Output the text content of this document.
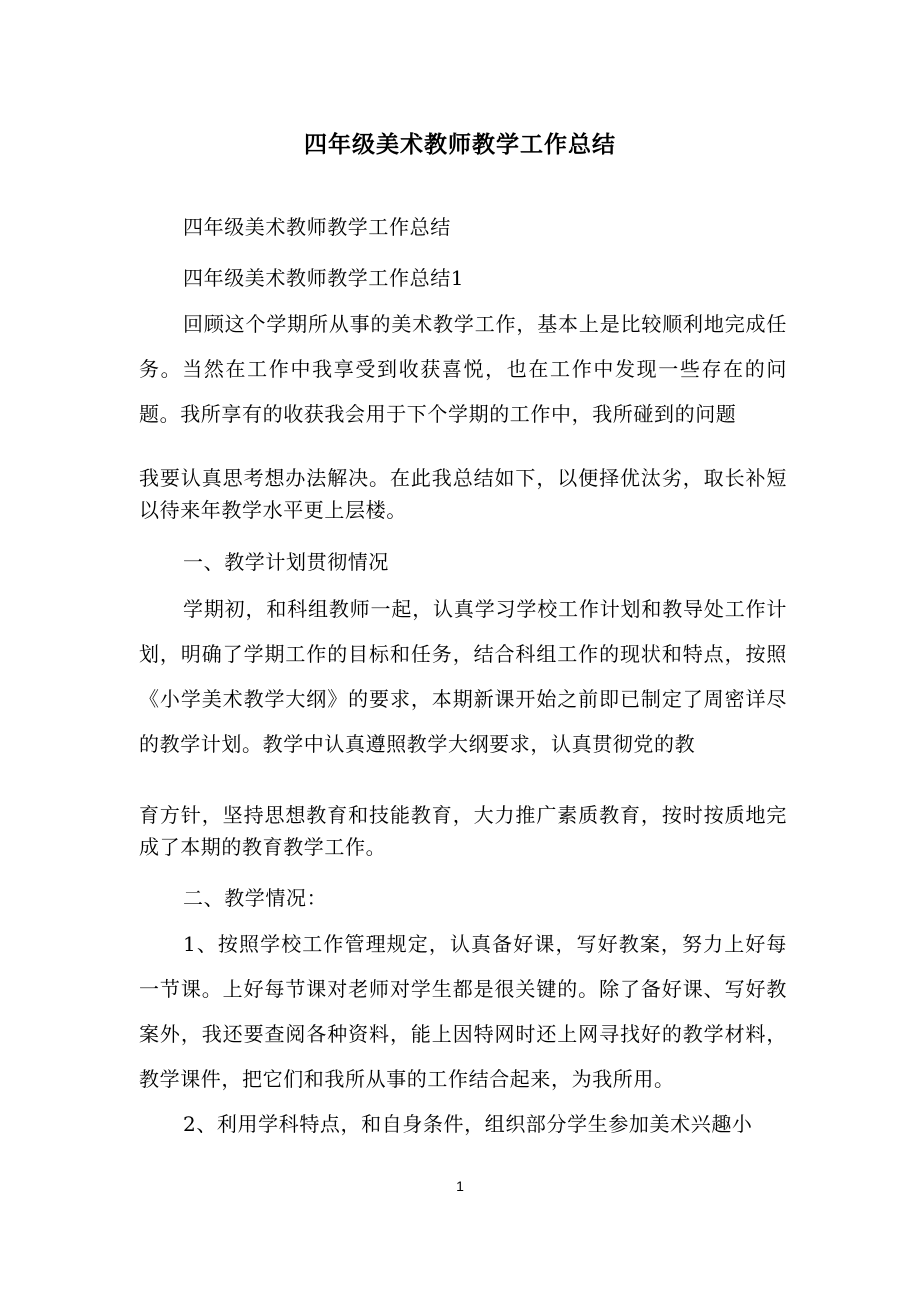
四年级美术教师教学工作总结

四年级美术教师教学工作总结

四年级美术教师教学工作总结1

回顾这个学期所从事的美术教学工作，基本上是比较顺利地完成任务。当然在工作中我享受到收获喜悦，也在工作中发现一些存在的问题。我所享有的收获我会用于下个学期的工作中，我所碰到的问题

我要认真思考想办法解决。在此我总结如下，以便择优汰劣，取长补短以待来年教学水平更上层楼。

一、教学计划贯彻情况

学期初，和科组教师一起，认真学习学校工作计划和教导处工作计划，明确了学期工作的目标和任务，结合科组工作的现状和特点，按照《小学美术教学大纲》的要求，本期新课开始之前即已制定了周密详尽的教学计划。教学中认真遵照教学大纲要求，认真贯彻党的教

育方针，坚持思想教育和技能教育，大力推广素质教育，按时按质地完成了本期的教育教学工作。

二、教学情况：

1、按照学校工作管理规定，认真备好课，写好教案，努力上好每一节课。上好每节课对老师对学生都是很关键的。除了备好课、写好教案外，我还要查阅各种资料，能上因特网时还上网寻找好的教学材料，教学课件，把它们和我所从事的工作结合起来，为我所用。

2、利用学科特点，和自身条件，组织部分学生参加美术兴趣小

1
